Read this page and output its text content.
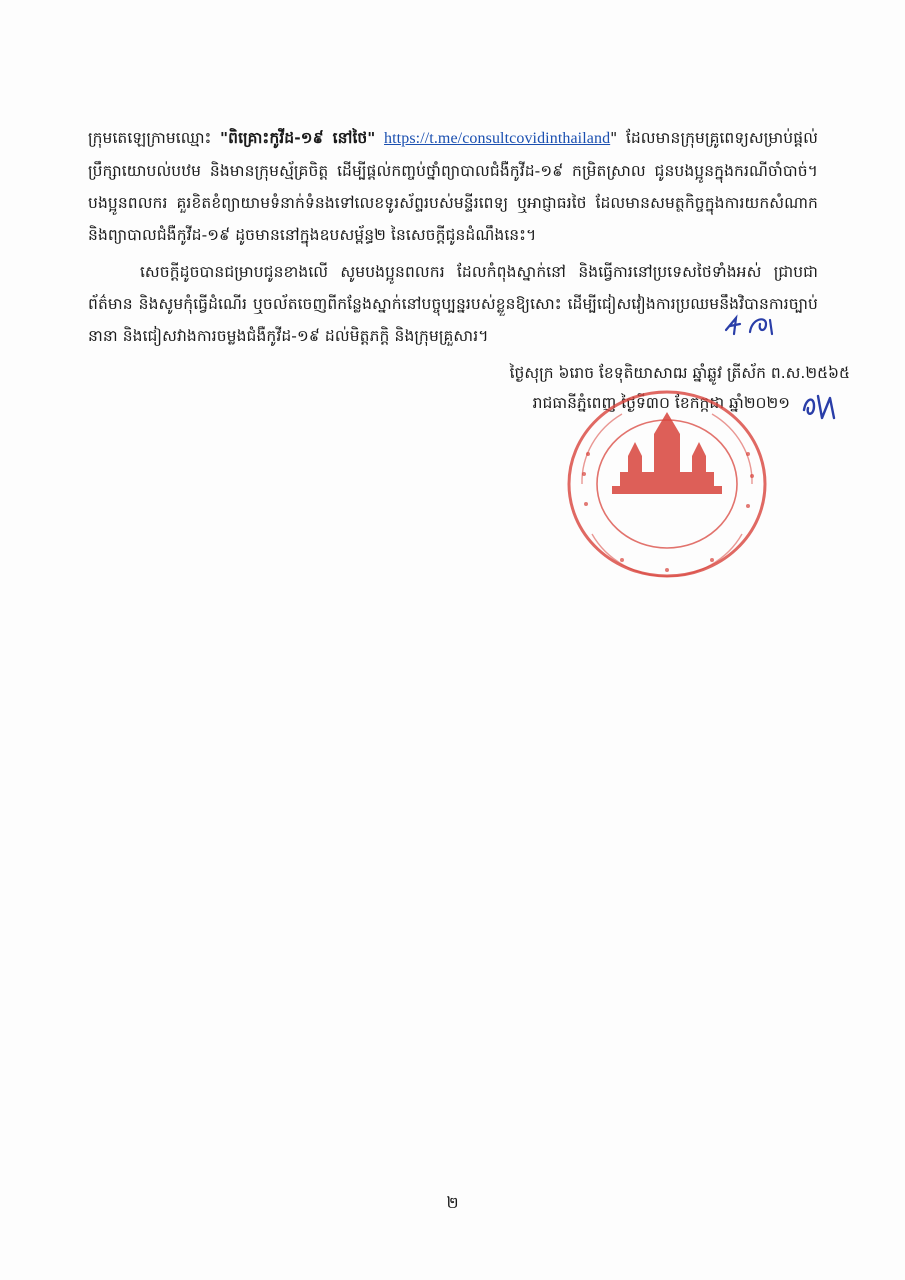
ក្រុមតេឡេក្រាមឈ្មោះ "ពិគ្រោះកូវីដ-១៩ នៅថៃ" https://t.me/consultcovidinthailand" ដែលមានក្រុមគ្រូពេទ្យសម្រាប់ផ្តល់ប្រឹក្សាយោបល់បឋម និងមានក្រុមស្ម័គ្រចិត្ត ដើម្បីផ្តល់កញ្ចប់ថ្នាំព្យាបាលជំងឺកូវីដ-១៩ កម្រិតស្រាល ជូនបងប្អូនក្នុងករណីចាំបាច់។ បងប្អូនពលករ គួរខិតខំព្យាយាមទំនាក់ទំនងទៅលេខទូរស័ព្ទរបស់មន្ទីរពេទ្យ ឬអាជ្ញាធរថៃ ដែលមានសមត្ថកិច្ចក្នុងការយកសំណាក និងព្យាបាលជំងឺកូវីដ-១៩ ដូចមាននៅក្នុងឧបសម្ព័ន្ធ២ នៃសេចក្តីជូនដំណឹងនេះ។

សេចក្តីដូចបានជម្រាបជូនខាងលើ សូមបងប្អូនពលករ ដែលកំពុងស្នាក់នៅ និងធ្វើការនៅប្រទេសថៃទាំងអស់ ជ្រាបជាព័ត៌មាន និងសូមកុំធ្វើដំណើរ ឬចល័តចេញពីកន្លែងស្នាក់នៅបច្ចុប្បន្នរបស់ខ្លួនឱ្យសោះ ដើម្បីជៀសវៀងការប្រឈមនឹងវិបានការច្បាប់នានា និងជៀសវាងការចម្លងជំងឺកូវីដ-១៩ ដល់មិត្តភក្តិ និងក្រុមគ្រួសារ។

ថ្ងៃសុក្រ ៦រោច ខែទុតិយាសាឍ ឆ្នាំឆ្លូវ ត្រីស័ក ព.ស.២៥៦៥
រាជធានីភ្នំពេញ ថ្ងៃទី៣០ ខែកក្កដា ឆ្នាំ២០២១
២
